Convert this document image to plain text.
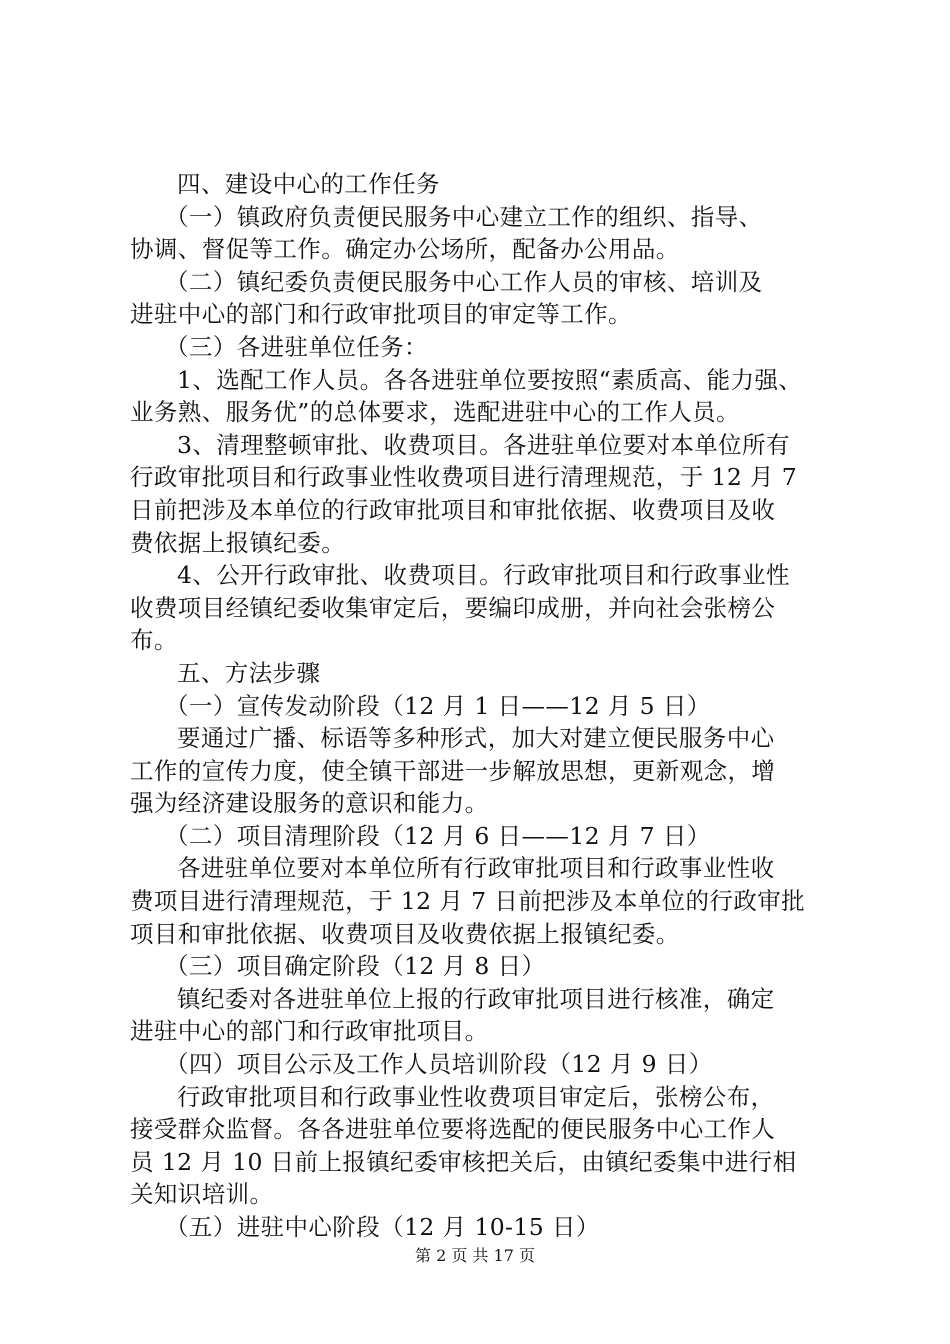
四、建设中心的工作任务
（一）镇政府负责便民服务中心建立工作的组织、指导、
协调、督促等工作。确定办公场所，配备办公用品。
（二）镇纪委负责便民服务中心工作人员的审核、培训及
进驻中心的部门和行政审批项目的审定等工作。
（三）各进驻单位任务：
1、选配工作人员。各各进驻单位要按照“素质高、能力强、
业务熟、服务优”的总体要求，选配进驻中心的工作人员。
3、清理整顿审批、收费项目。各进驻单位要对本单位所有
行政审批项目和行政事业性收费项目进行清理规范，于 12 月 7
日前把涉及本单位的行政审批项目和审批依据、收费项目及收
费依据上报镇纪委。
4、公开行政审批、收费项目。行政审批项目和行政事业性
收费项目经镇纪委收集审定后，要编印成册，并向社会张榜公
布。
五、方法步骤
（一）宣传发动阶段（12 月 1 日——12 月 5 日）
要通过广播、标语等多种形式，加大对建立便民服务中心
工作的宣传力度，使全镇干部进一步解放思想，更新观念，增
强为经济建设服务的意识和能力。
（二）项目清理阶段（12 月 6 日——12 月 7 日）
各进驻单位要对本单位所有行政审批项目和行政事业性收
费项目进行清理规范，于 12 月 7 日前把涉及本单位的行政审批
项目和审批依据、收费项目及收费依据上报镇纪委。
（三）项目确定阶段（12 月 8 日）
镇纪委对各进驻单位上报的行政审批项目进行核准，确定
进驻中心的部门和行政审批项目。
（四）项目公示及工作人员培训阶段（12 月 9 日）
行政审批项目和行政事业性收费项目审定后，张榜公布，
接受群众监督。各各进驻单位要将选配的便民服务中心工作人
员 12 月 10 日前上报镇纪委审核把关后，由镇纪委集中进行相
关知识培训。
（五）进驻中心阶段（12 月 10-15 日）
第 2 页 共 17 页
